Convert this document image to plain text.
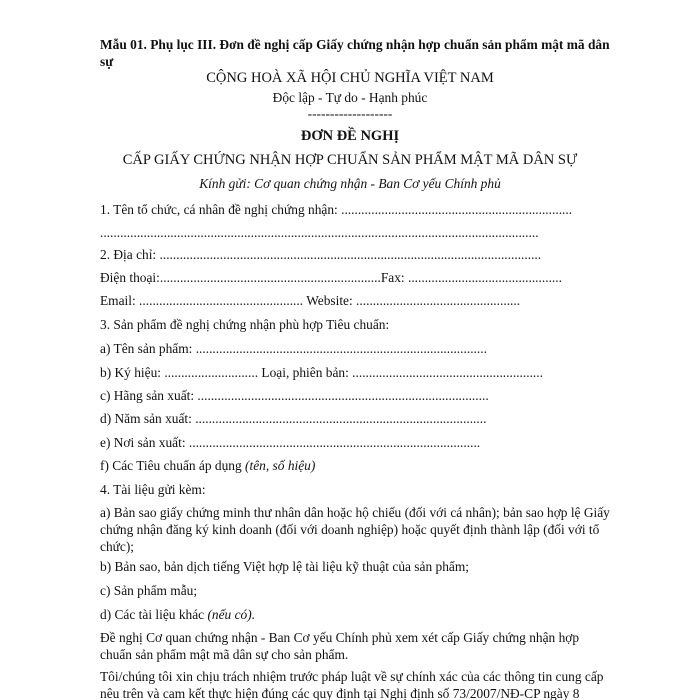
Mẫu 01. Phụ lục III. Đơn đề nghị cấp Giấy chứng nhận hợp chuẩn sản phẩm mật mã dân sự
CỘNG HOÀ XÃ HỘI CHỦ NGHĨA VIỆT NAM
Độc lập - Tự do - Hạnh phúc
-------------------
ĐƠN ĐỀ NGHỊ
CẤP GIẤY CHỨNG NHẬN HỢP CHUẨN SẢN PHẨM MẬT MÃ DÂN SỰ
Kính gửi: Cơ quan chứng nhận - Ban Cơ yếu Chính phủ
1. Tên tổ chức, cá nhân đề nghị chứng nhận: .....................................................................
...................................................................................................................................
2. Địa chỉ: ..................................................................................................................
Điện thoại:..................................................................Fax: ..............................................
Email: ................................................. Website: .................................................
3. Sản phẩm đề nghị chứng nhận phù hợp Tiêu chuẩn:
a) Tên sản phẩm: .......................................................................................
b) Ký hiệu: ............................ Loại, phiên bản: .........................................................
c) Hãng sản xuất: .......................................................................................
d) Năm sản xuất: .......................................................................................
e) Nơi sản xuất: .......................................................................................
f) Các Tiêu chuẩn áp dụng (tên, số hiệu)
4. Tài liệu gửi kèm:
a) Bản sao giấy chứng minh thư nhân dân hoặc hộ chiếu (đối với cá nhân); bản sao hợp lệ Giấy chứng nhận đăng ký kinh doanh (đối với doanh nghiệp) hoặc quyết định thành lập (đối với tổ chức);
b) Bản sao, bản dịch tiếng Việt hợp lệ tài liệu kỹ thuật của sản phẩm;
c) Sản phẩm mẫu;
d) Các tài liệu khác (nếu có).
Đề nghị Cơ quan chứng nhận - Ban Cơ yếu Chính phủ xem xét cấp Giấy chứng nhận hợp chuẩn sản phẩm mật mã dân sự cho sản phẩm.
Tôi/chúng tôi xin chịu trách nhiệm trước pháp luật về sự chính xác của các thông tin cung cấp nêu trên và cam kết thực hiện đúng các quy định tại Nghị định số 73/2007/NĐ-CP ngày 8
